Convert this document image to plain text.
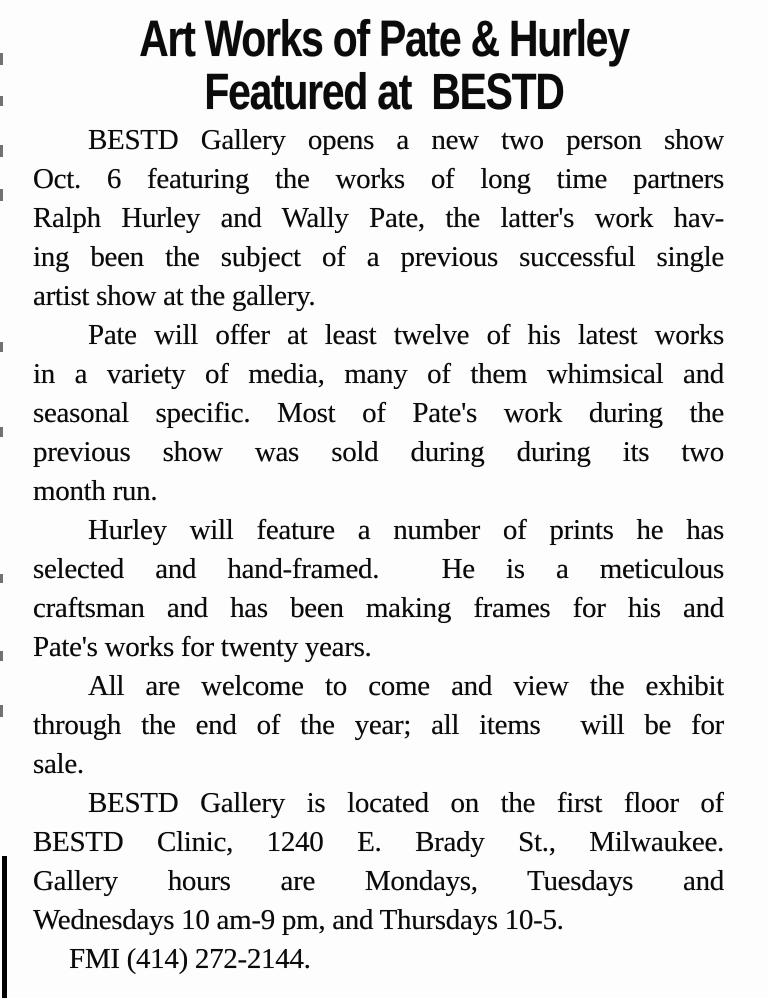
Art Works of Pate & Hurley
Featured at  BESTD
BESTD Gallery opens a new two person show
Oct. 6 featuring the works of long time partners
Ralph Hurley and Wally Pate, the latter's work hav-
ing been the subject of a previous successful single
artist show at the gallery.
Pate will offer at least twelve of his latest works
in a variety of media, many of them whimsical and
seasonal specific. Most of Pate's work during the
previous show was sold during during its two
month run.
Hurley will feature a number of prints he has
selected and hand-framed.  He is a meticulous
craftsman and has been making frames for his and
Pate's works for twenty years.
All are welcome to come and view the exhibit
through the end of the year; all items  will be for
sale.
BESTD Gallery is located on the first floor of
BESTD Clinic, 1240 E. Brady St., Milwaukee.
Gallery hours are Mondays, Tuesdays and
Wednesdays 10 am-9 pm, and Thursdays 10-5.
FMI (414) 272-2144.
